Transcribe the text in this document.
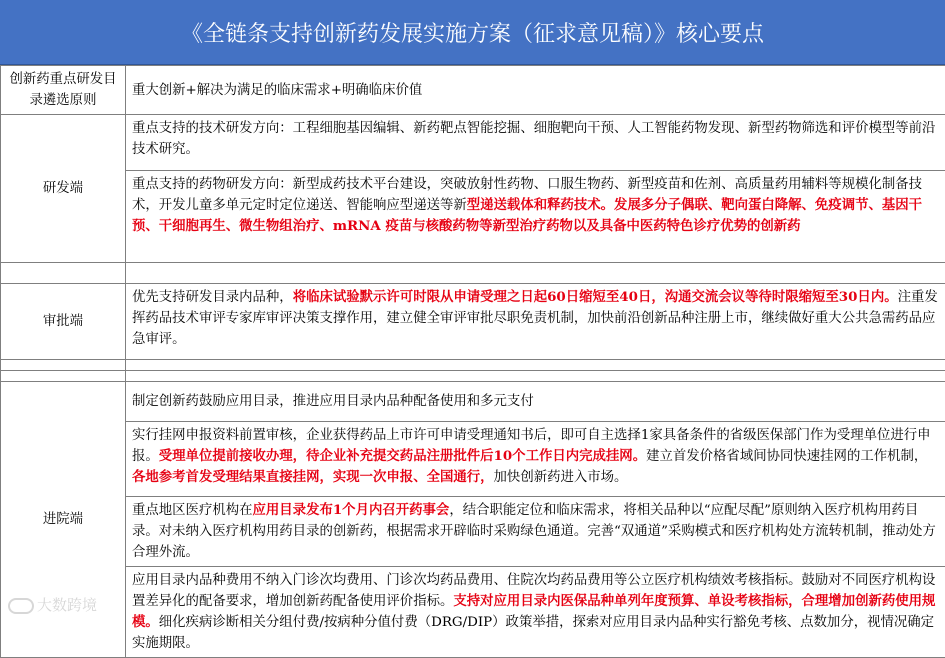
《全链条支持创新药发展实施方案（征求意见稿）》核心要点
创新药重点研发目录遴选原则	重大创新+解决为满足的临床需求+明确临床价值
研发端	重点支持的技术研发方向：工程细胞基因编辑、新药靶点智能挖掘、细胞靶向干预、人工智能药物发现、新型药物筛选和评价模型等前沿技术研究。
	重点支持的药物研发方向：新型成药技术平台建设，突破放射性药物、口服生物药、新型疫苗和佐剂、高质量药用辅料等规模化制备技术，开发儿童多单元定时定位递送、智能响应型递送等新型递送载体和释药技术。发展多分子偶联、靶向蛋白降解、免疫调节、基因干预、干细胞再生、微生物组治疗、mRNA 疫苗与核酸药物等新型治疗药物以及具备中医药特色诊疗优势的创新药

审批端	优先支持研发目录内品种，将临床试验默示许可时限从申请受理之日起60日缩短至40日，沟通交流会议等待时限缩短至30日内。注重发挥药品技术审评专家库审评决策支撑作用，建立健全审评审批尽职免责机制，加快前沿创新品种注册上市，继续做好重大公共急需药品应急审评。

进院端	制定创新药鼓励应用目录，推进应用目录内品种配备使用和多元支付
	实行挂网申报资料前置审核，企业获得药品上市许可申请受理通知书后，即可自主选择1家具备条件的省级医保部门作为受理单位进行申报。受理单位提前接收办理，待企业补充提交药品注册批件后10个工作日内完成挂网。建立首发价格省域间协同快速挂网的工作机制，各地参考首发受理结果直接挂网，实现一次申报、全国通行，加快创新药进入市场。
	重点地区医疗机构在应用目录发布1个月内召开药事会，结合职能定位和临床需求，将相关品种以“应配尽配”原则纳入医疗机构用药目录。对未纳入医疗机构用药目录的创新药，根据需求开辟临时采购绿色通道。完善“双通道”采购模式和医疗机构处方流转机制，推动处方合理外流。
	应用目录内品种费用不纳入门诊次均费用、门诊次均药品费用、住院次均药品费用等公立医疗机构绩效考核指标。鼓励对不同医疗机构设置差异化的配备要求，增加创新药配备使用评价指标。支持对应用目录内医保品种单列年度预算、单设考核指标，合理增加创新药使用规模。细化疾病诊断相关分组付费/按病种分值付费（DRG/DIP）政策举措，探索对应用目录内品种实行豁免考核、点数加分，视情况确定实施期限。
大数跨境
